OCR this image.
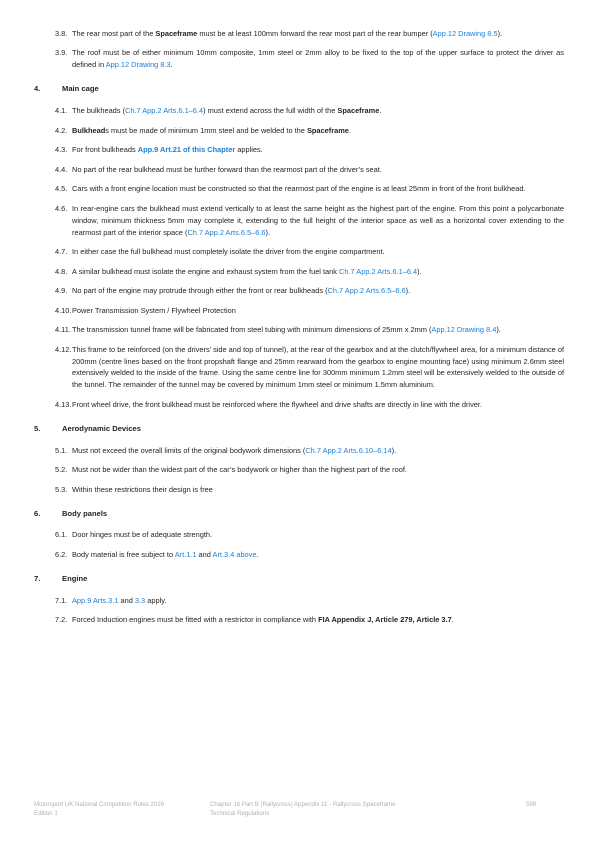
3.8. The rear most part of the Spaceframe must be at least 100mm forward the rear most part of the rear bumper (App.12 Drawing 8.5).
3.9. The roof must be of either minimum 10mm composite, 1mm steel or 2mm alloy to be fixed to the top of the upper surface to protect the driver as defined in App.12 Drawing 8.3.
4.	Main cage
4.1. The bulkheads (Ch.7 App.2 Arts.6.1–6.4) must extend across the full width of the Spaceframe.
4.2. Bulkheads must be made of minimum 1mm steel and be welded to the Spaceframe.
4.3. For front bulkheads App.9 Art.21 of this Chapter applies.
4.4. No part of the rear bulkhead must be further forward than the rearmost part of the driver’s seat.
4.5. Cars with a front engine location must be constructed so that the rearmost part of the engine is at least 25mm in front of the front bulkhead.
4.6. In rear-engine cars the bulkhead must extend vertically to at least the same height as the highest part of the engine. From this point a polycarbonate window, minimum thickness 5mm may complete it, extending to the full height of the interior space as well as a horizontal cover extending to the rearmost part of the interior space (Ch.7 App.2 Arts.6.5–6.6).
4.7. In either case the full bulkhead must completely isolate the driver from the engine compartment.
4.8. A similar bulkhead must isolate the engine and exhaust system from the fuel tank Ch.7 App.2 Arts.6.1–6.4).
4.9. No part of the engine may protrude through either the front or rear bulkheads (Ch.7 App.2 Arts.6.5–6.6).
4.10. Power Transmission System / Flywheel Protection
4.11. The transmission tunnel frame will be fabricated from steel tubing with minimum dimensions of 25mm x 2mm (App.12 Drawing 8.4).
4.12. This frame to be reinforced (on the drivers’ side and top of tunnel), at the rear of the gearbox and at the clutch/flywheel area, for a minimum distance of 200mm (centre lines based on the front propshaft flange and 25mm rearward from the gearbox to engine mounting face) using minimum 2.6mm steel extensively welded to the inside of the frame. Using the same centre line for 300mm minimum 1.2mm steel will be extensively welded to the outside of the tunnel. The remainder of the tunnel may be covered by minimum 1mm steel or minimum 1.5mm aluminium.
4.13. Front wheel drive, the front bulkhead must be reinforced where the flywheel and drive shafts are directly in line with the driver.
5.	Aerodynamic Devices
5.1. Must not exceed the overall limits of the original bodywork dimensions (Ch.7 App.2 Arts.6.10–6.14).
5.2. Must not be wider than the widest part of the car’s bodywork or higher than the highest part of the roof.
5.3. Within these restrictions their design is free
6.	Body panels
6.1. Door hinges must be of adequate strength.
6.2. Body material is free subject to Art.1.1 and Art.3.4 above.
7.	Engine
7.1. App.9 Arts.3.1 and 3.3 apply.
7.2. Forced Induction engines must be fitted with a restrictor in compliance with FIA Appendix J, Article 279, Article 3.7.
Motorsport UK National Competition Rules 2026
Edition 1
Chapter 16 Part B (Rallycross) Appendix 11 - Rallycross Spaceframe
Technical Regulations
599
